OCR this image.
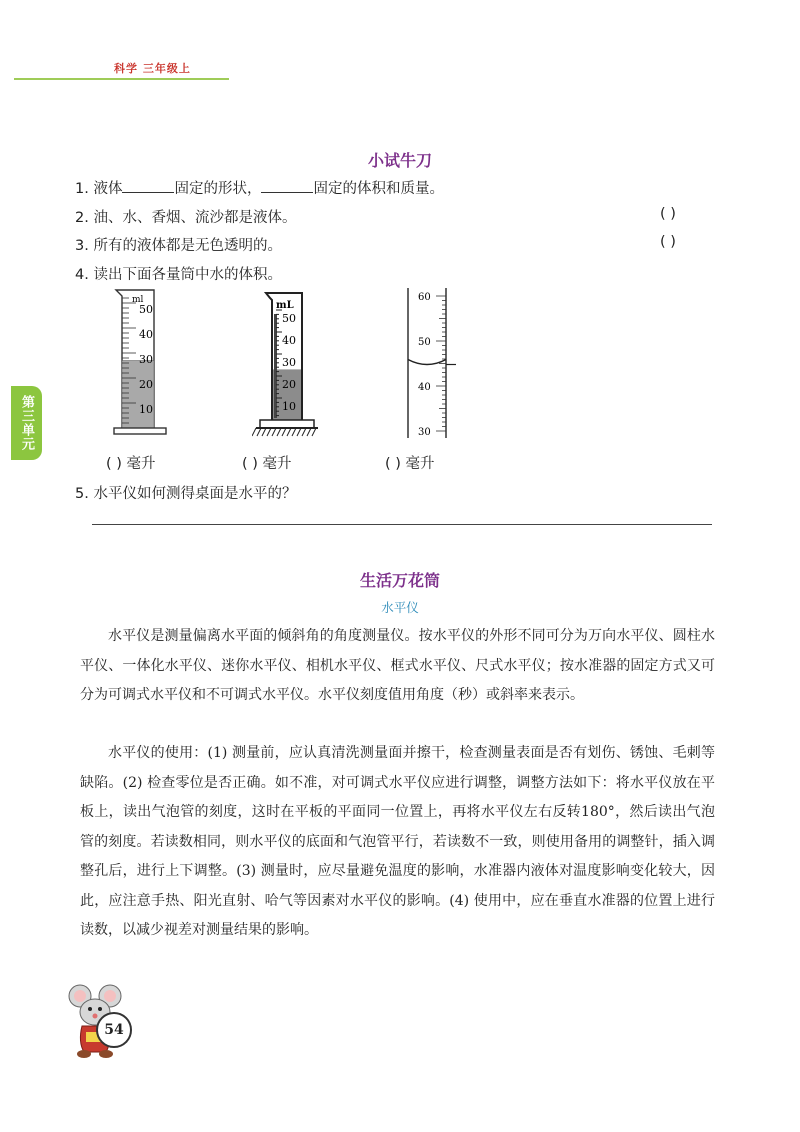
科学 三年级上
第三单元
小试牛刀
1. 液体	固定的形状，	固定的体积和质量。
2. 油、水、香烟、流沙都是液体。	( )
3. 所有的液体都是无色透明的。	( )
4. 读出下面各量筒中水的体积。
ml
50
40
30
20
10
mL
50
40
30
20
10
60
50
40
30
( ) 毫升	( ) 毫升	( ) 毫升
5. 水平仪如何测得桌面是水平的？
生活万花筒
水平仪

水平仪是测量偏离水平面的倾斜角的角度测量仪。按水平仪的外形不同可分为万向水平仪、圆柱水平仪、一体化水平仪、迷你水平仪、相机水平仪、框式水平仪、尺式水平仪；按水准器的固定方式又可分为可调式水平仪和不可调式水平仪。水平仪刻度值用角度（秒）或斜率来表示。

水平仪的使用：(1) 测量前，应认真清洗测量面并擦干，检查测量表面是否有划伤、锈蚀、毛刺等缺陷。(2) 检查零位是否正确。如不准，对可调式水平仪应进行调整，调整方法如下：将水平仪放在平板上，读出气泡管的刻度，这时在平板的平面同一位置上，再将水平仪左右反转180°，然后读出气泡管的刻度。若读数相同，则水平仪的底面和气泡管平行，若读数不一致，则使用备用的调整针，插入调整孔后，进行上下调整。(3) 测量时，应尽量避免温度的影响，水准器内液体对温度影响变化较大，因此，应注意手热、阳光直射、哈气等因素对水平仪的影响。(4) 使用中，应在垂直水准器的位置上进行读数，以减少视差对测量结果的影响。

54
